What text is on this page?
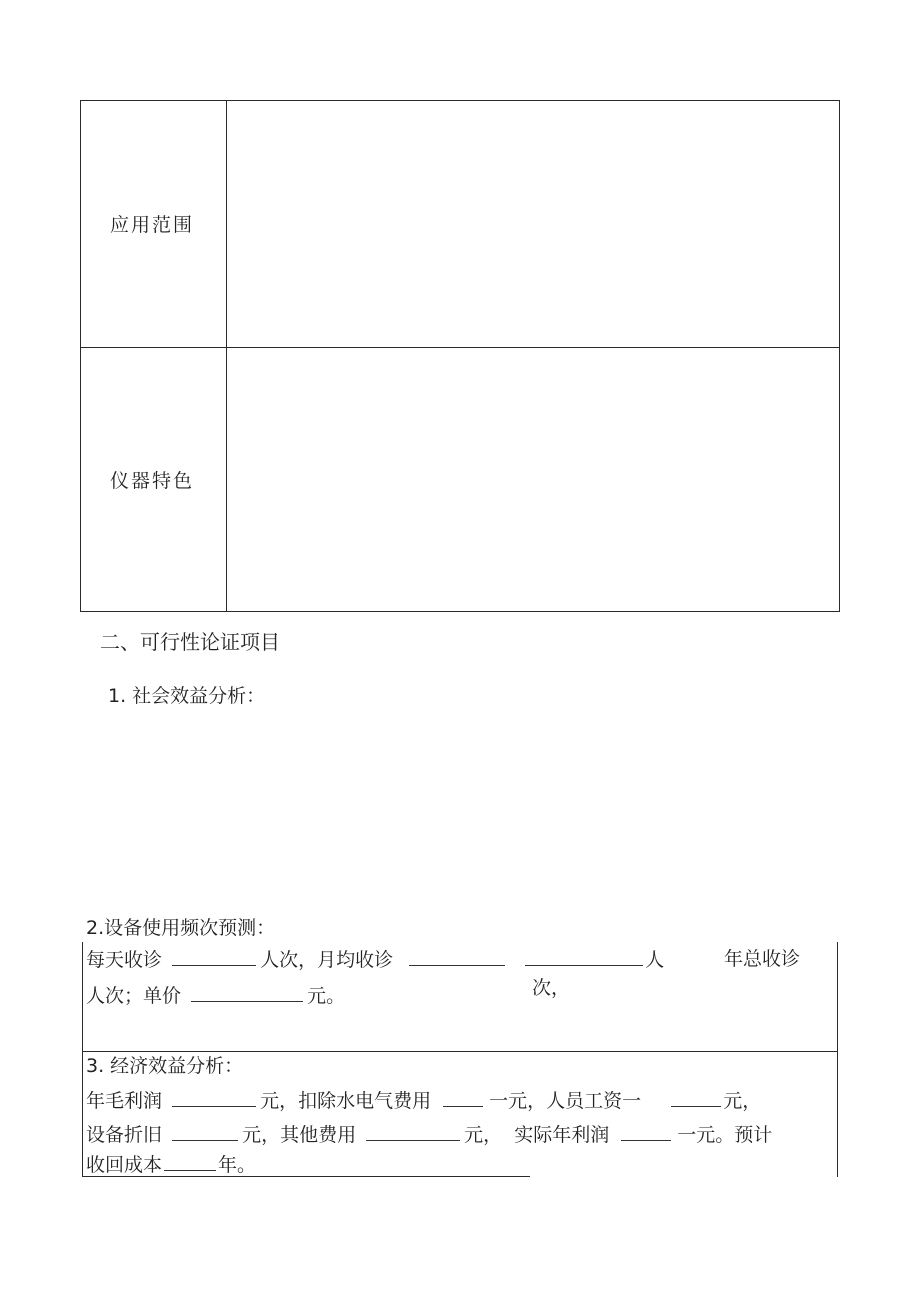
应用范围
仪器特色
二、可行性论证项目
1. 社会效益分析：
2.设备使用频次预测：
每天收诊	人次，月均收诊	人	年总收诊
人次；单价	元。	次，
3. 经济效益分析：
年毛利润	元，扣除水电气费用	一元，人员工资一	元，
设备折旧	元，其他费用	元， 实际年利润	一元。预计
收回成本	年。
